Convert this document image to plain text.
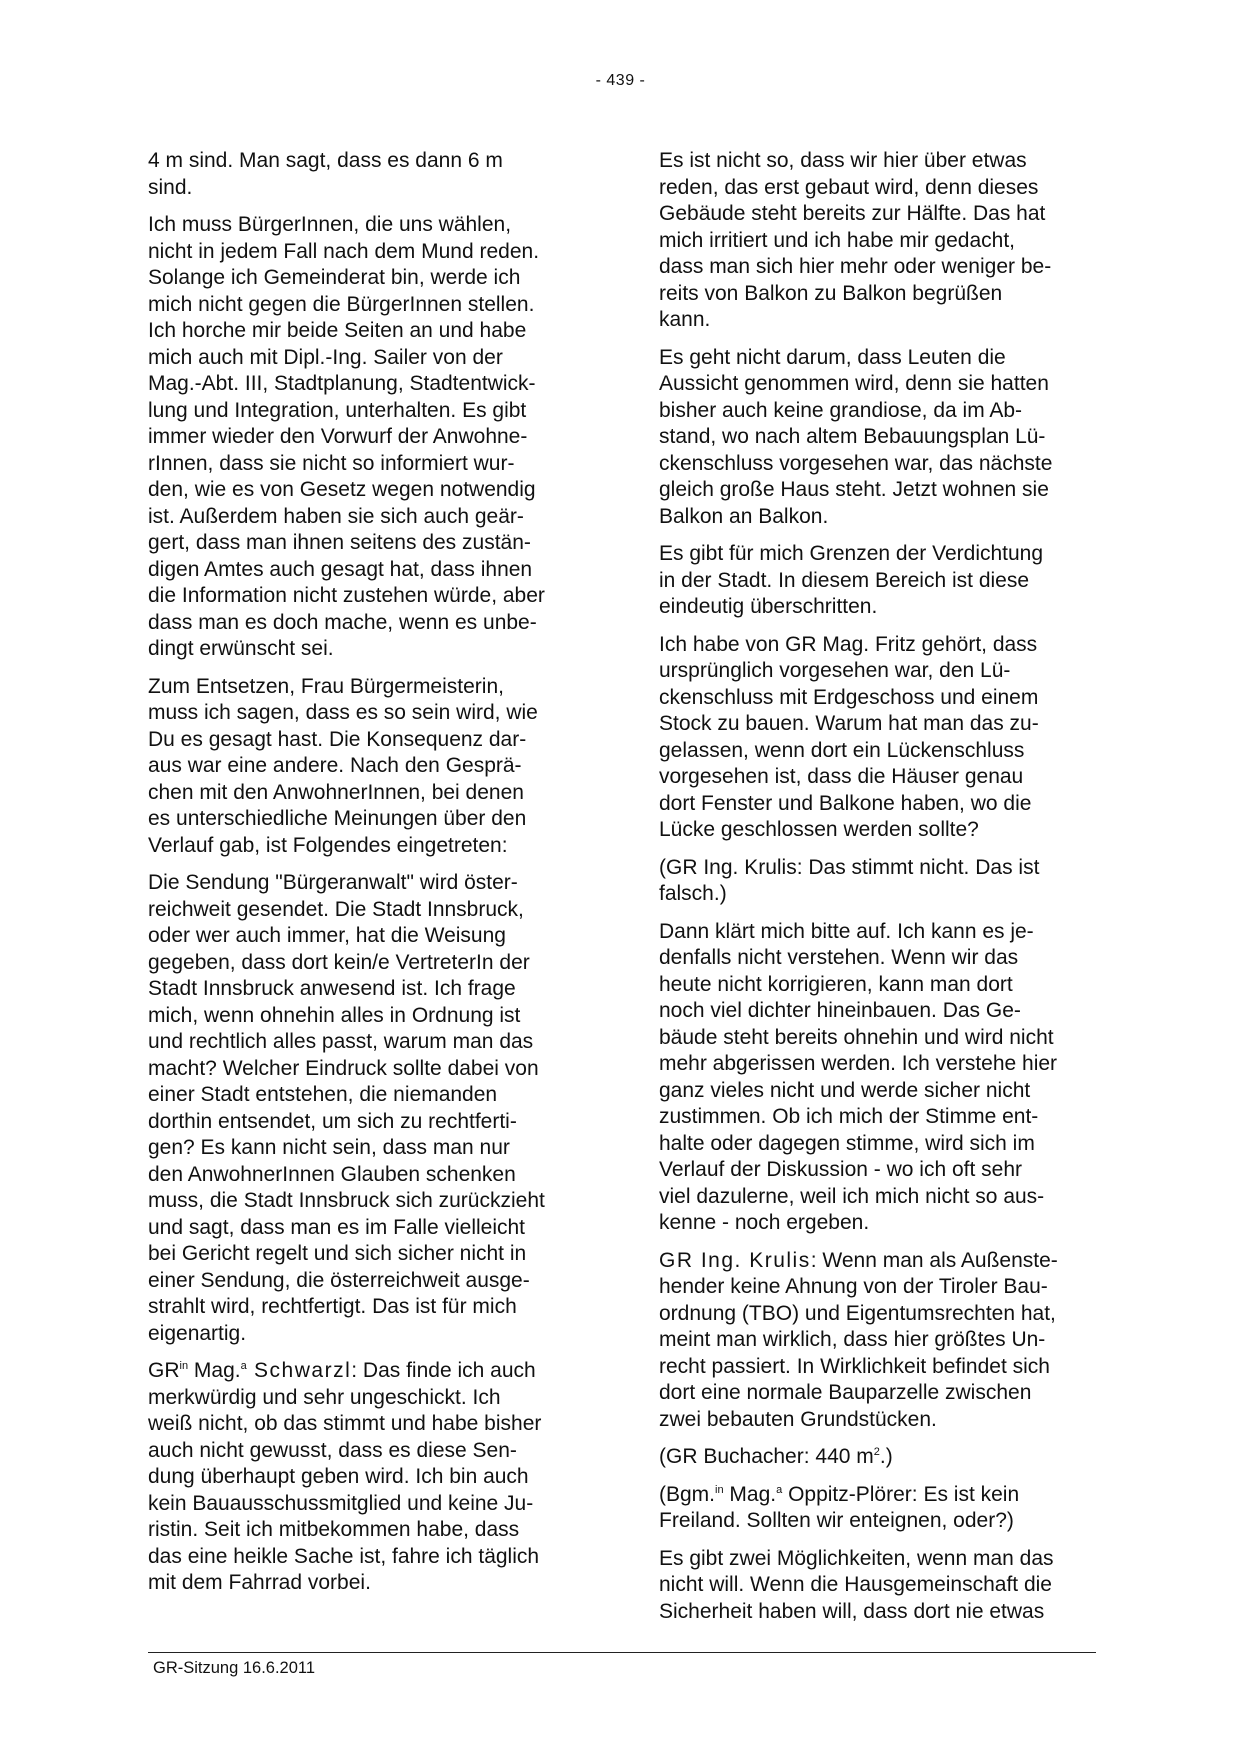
- 439 -

4 m sind. Man sagt, dass es dann 6 m
sind.

Ich muss BürgerInnen, die uns wählen,
nicht in jedem Fall nach dem Mund reden.
Solange ich Gemeinderat bin, werde ich
mich nicht gegen die BürgerInnen stellen.
Ich horche mir beide Seiten an und habe
mich auch mit Dipl.-Ing. Sailer von der
Mag.-Abt. III, Stadtplanung, Stadtentwick-
lung und Integration, unterhalten. Es gibt
immer wieder den Vorwurf der Anwohne-
rInnen, dass sie nicht so informiert wur-
den, wie es von Gesetz wegen notwendig
ist. Außerdem haben sie sich auch geär-
gert, dass man ihnen seitens des zustän-
digen Amtes auch gesagt hat, dass ihnen
die Information nicht zustehen würde, aber
dass man es doch mache, wenn es unbe-
dingt erwünscht sei.

Zum Entsetzen, Frau Bürgermeisterin,
muss ich sagen, dass es so sein wird, wie
Du es gesagt hast. Die Konsequenz dar-
aus war eine andere. Nach den Gesprä-
chen mit den AnwohnerInnen, bei denen
es unterschiedliche Meinungen über den
Verlauf gab, ist Folgendes eingetreten:

Die Sendung "Bürgeranwalt" wird öster-
reichweit gesendet. Die Stadt Innsbruck,
oder wer auch immer, hat die Weisung
gegeben, dass dort kein/e VertreterIn der
Stadt Innsbruck anwesend ist. Ich frage
mich, wenn ohnehin alles in Ordnung ist
und rechtlich alles passt, warum man das
macht? Welcher Eindruck sollte dabei von
einer Stadt entstehen, die niemanden
dorthin entsendet, um sich zu rechtferti-
gen? Es kann nicht sein, dass man nur
den AnwohnerInnen Glauben schenken
muss, die Stadt Innsbruck sich zurückzieht
und sagt, dass man es im Falle vielleicht
bei Gericht regelt und sich sicher nicht in
einer Sendung, die österreichweit ausge-
strahlt wird, rechtfertigt. Das ist für mich
eigenartig.

$GR^{in}$ Mag.$^a$ Schwarzl: Das finde ich auch
merkwürdig und sehr ungeschickt. Ich
weiß nicht, ob das stimmt und habe bisher
auch nicht gewusst, dass es diese Sen-
dung überhaupt geben wird. Ich bin auch
kein Bauausschussmitglied und keine Ju-
ristin. Seit ich mitbekommen habe, dass
das eine heikle Sache ist, fahre ich täglich
mit dem Fahrrad vorbei.

Es ist nicht so, dass wir hier über etwas
reden, das erst gebaut wird, denn dieses
Gebäude steht bereits zur Hälfte. Das hat
mich irritiert und ich habe mir gedacht,
dass man sich hier mehr oder weniger be-
reits von Balkon zu Balkon begrüßen
kann.

Es geht nicht darum, dass Leuten die
Aussicht genommen wird, denn sie hatten
bisher auch keine grandiose, da im Ab-
stand, wo nach altem Bebauungsplan Lü-
ckenschluss vorgesehen war, das nächste
gleich große Haus steht. Jetzt wohnen sie
Balkon an Balkon.

Es gibt für mich Grenzen der Verdichtung
in der Stadt. In diesem Bereich ist diese
eindeutig überschritten.

Ich habe von GR Mag. Fritz gehört, dass
ursprünglich vorgesehen war, den Lü-
ckenschluss mit Erdgeschoss und einem
Stock zu bauen. Warum hat man das zu-
gelassen, wenn dort ein Lückenschluss
vorgesehen ist, dass die Häuser genau
dort Fenster und Balkone haben, wo die
Lücke geschlossen werden sollte?

(GR Ing. Krulis: Das stimmt nicht. Das ist
falsch.)

Dann klärt mich bitte auf. Ich kann es je-
denfalls nicht verstehen. Wenn wir das
heute nicht korrigieren, kann man dort
noch viel dichter hineinbauen. Das Ge-
bäude steht bereits ohnehin und wird nicht
mehr abgerissen werden. Ich verstehe hier
ganz vieles nicht und werde sicher nicht
zustimmen. Ob ich mich der Stimme ent-
halte oder dagegen stimme, wird sich im
Verlauf der Diskussion - wo ich oft sehr
viel dazulerne, weil ich mich nicht so aus-
kenne - noch ergeben.

GR Ing. Krulis: Wenn man als Außenste-
hender keine Ahnung von der Tiroler Bau-
ordnung (TBO) und Eigentumsrechten hat,
meint man wirklich, dass hier größtes Un-
recht passiert. In Wirklichkeit befindet sich
dort eine normale Bauparzelle zwischen
zwei bebauten Grundstücken.

(GR Buchacher: 440 $m^2$.)

(Bgm.$^{in}$ Mag.$^a$ Oppitz-Plörer: Es ist kein
Freiland. Sollten wir enteignen, oder?)

Es gibt zwei Möglichkeiten, wenn man das
nicht will. Wenn die Hausgemeinschaft die
Sicherheit haben will, dass dort nie etwas

GR-Sitzung 16.6.2011
